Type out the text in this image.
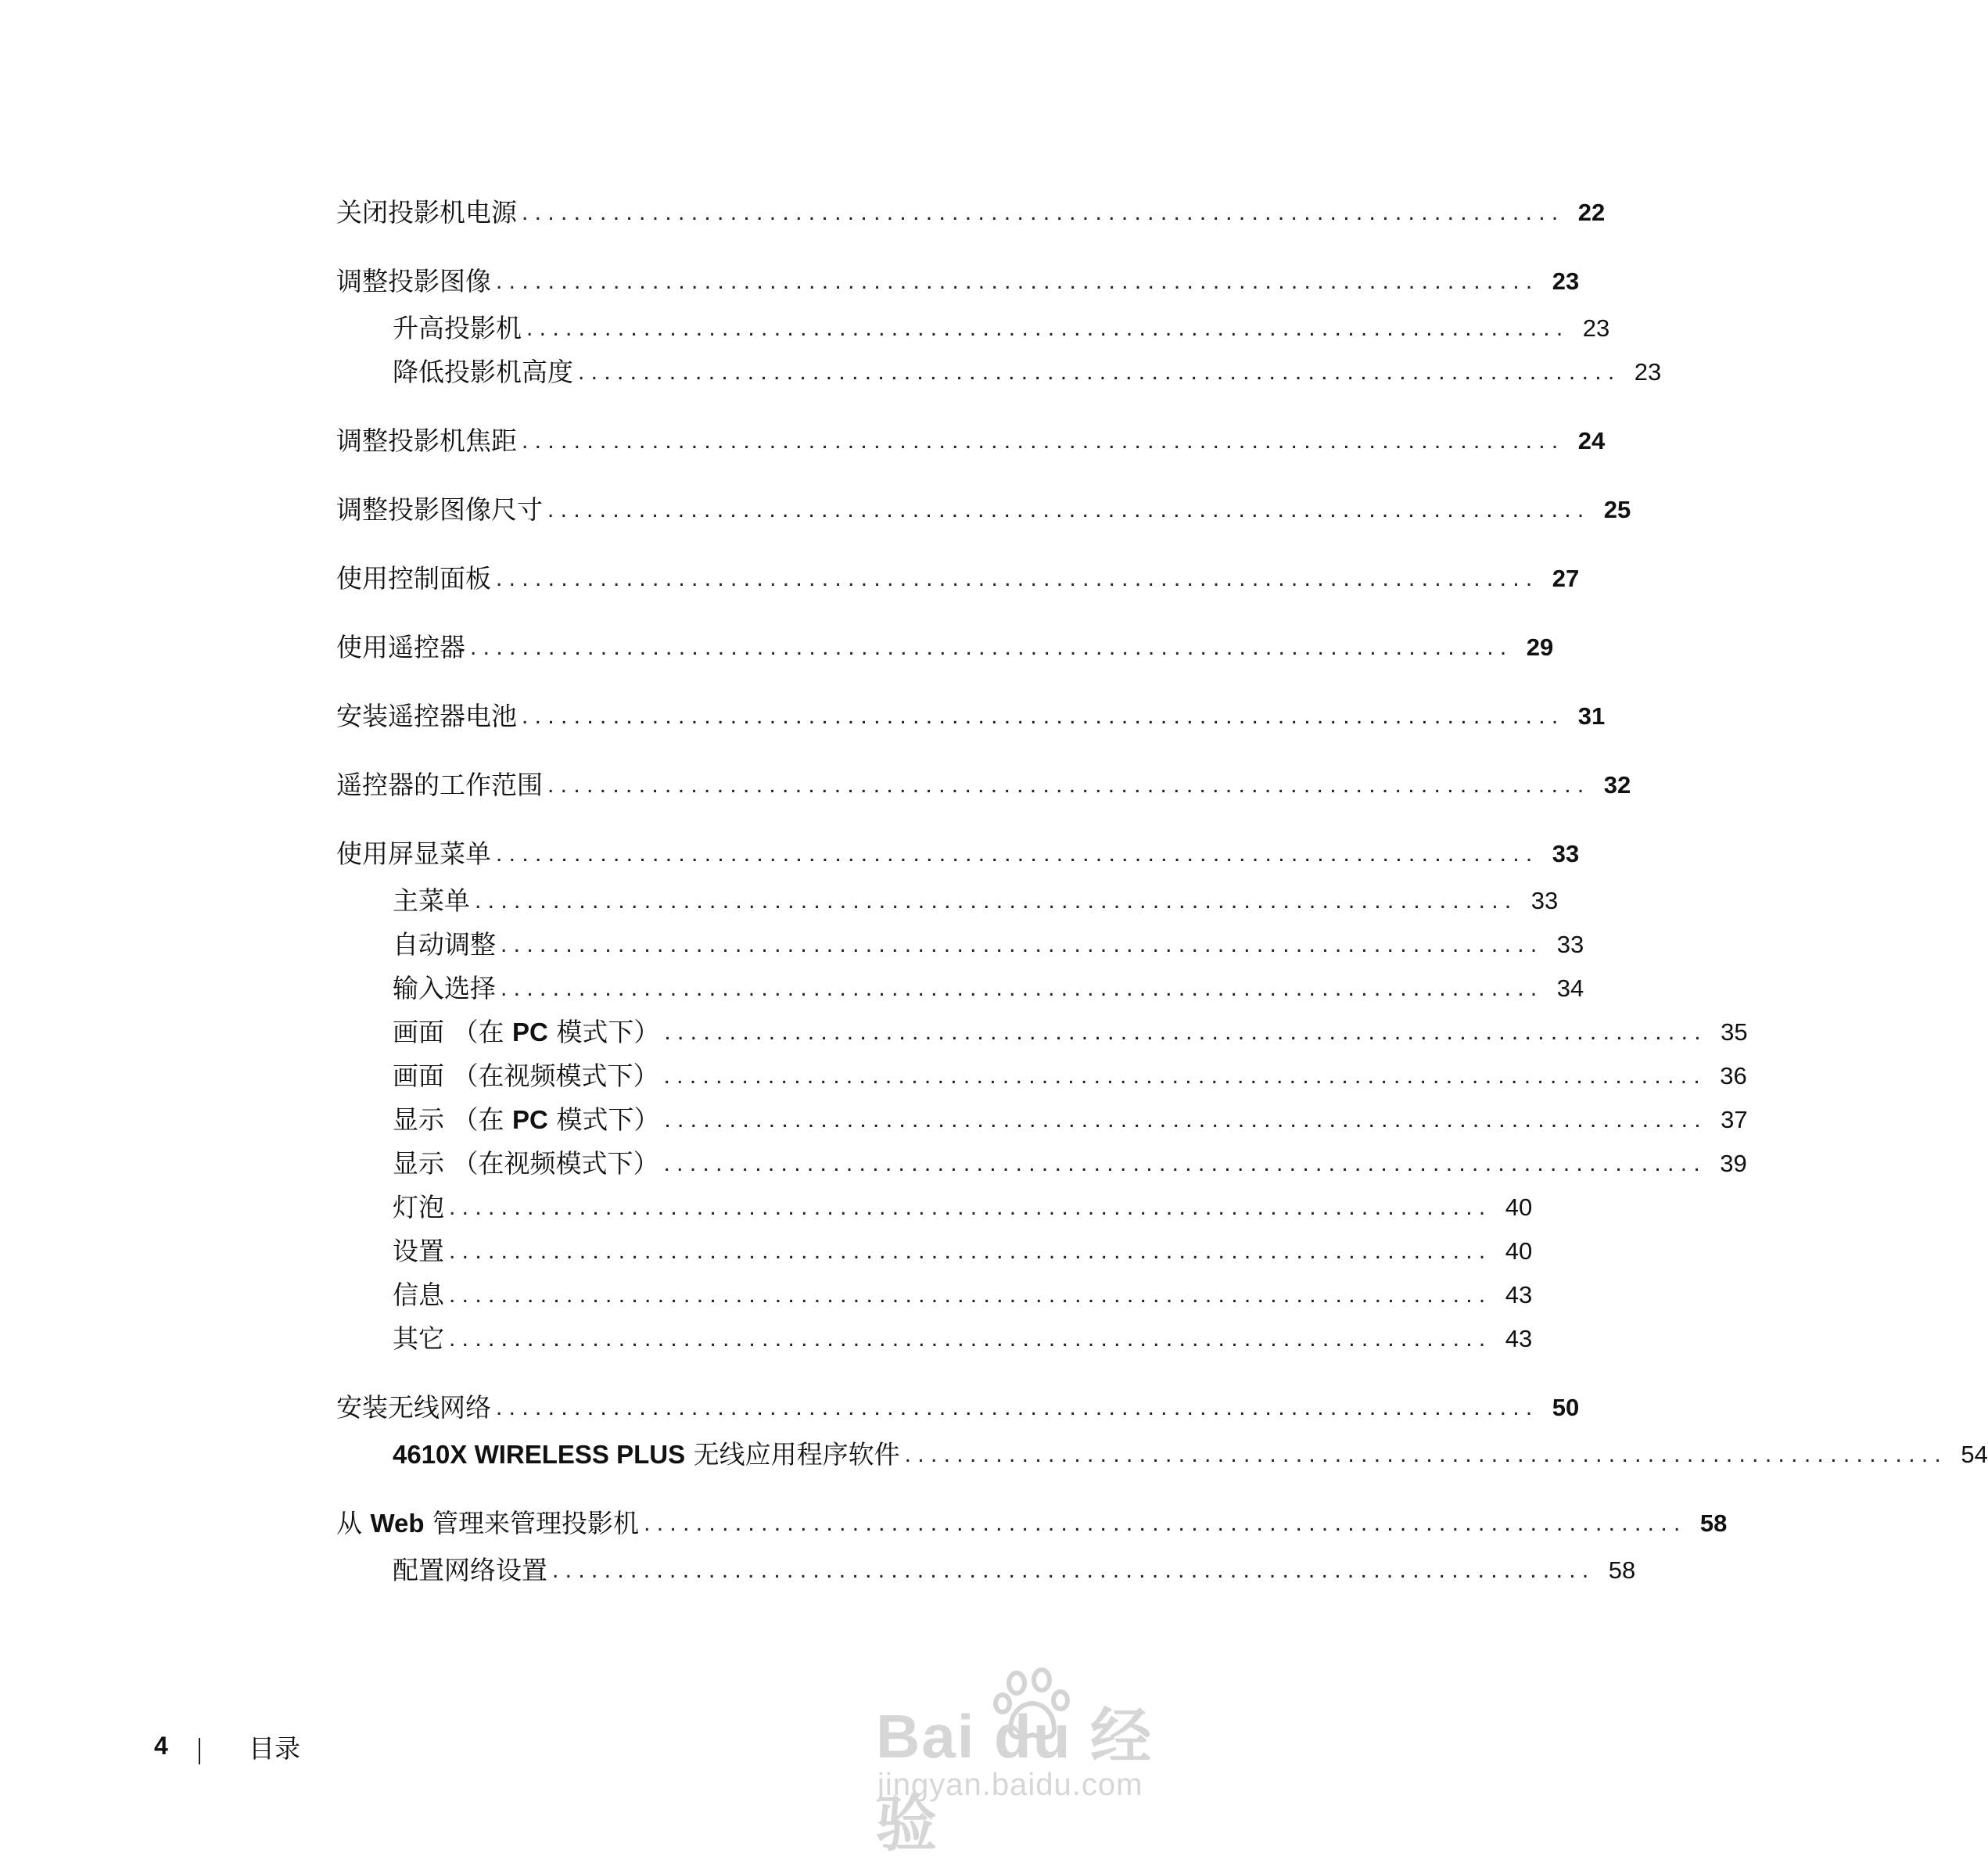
关闭投影机电源 . . . . . . . . . . . . . . . . . . . . . . . . . . . . . . . . . . . . . . . . . . . . . . . . . . . . . . . . . . . . . . . . . . . . . . . . . . . . . . . . 22
调整投影图像 . . . . . . . . . . . . . . . . . . . . . . . . . . . . . . . . . . . . . . . . . . . . . . . . . . . . . . . . . . . . . . . . . . . . . . . . . . . . . . . . 23
升高投影机 . . . . . . . . . . . . . . . . . . . . . . . . . . . . . . . . . . . . . . . . . . . . . . . . . . . . . . . . . . . . . . . . . . . . . . . . . . . . . . . . 23
降低投影机高度 . . . . . . . . . . . . . . . . . . . . . . . . . . . . . . . . . . . . . . . . . . . . . . . . . . . . . . . . . . . . . . . . . . . . . . . . . . . . . . . . 23
调整投影机焦距 . . . . . . . . . . . . . . . . . . . . . . . . . . . . . . . . . . . . . . . . . . . . . . . . . . . . . . . . . . . . . . . . . . . . . . . . . . . . . . . . 24
调整投影图像尺寸 . . . . . . . . . . . . . . . . . . . . . . . . . . . . . . . . . . . . . . . . . . . . . . . . . . . . . . . . . . . . . . . . . . . . . . . . . . . . . . . . 25
使用控制面板 . . . . . . . . . . . . . . . . . . . . . . . . . . . . . . . . . . . . . . . . . . . . . . . . . . . . . . . . . . . . . . . . . . . . . . . . . . . . . . . . 27
使用遥控器 . . . . . . . . . . . . . . . . . . . . . . . . . . . . . . . . . . . . . . . . . . . . . . . . . . . . . . . . . . . . . . . . . . . . . . . . . . . . . . . . 29
安装遥控器电池 . . . . . . . . . . . . . . . . . . . . . . . . . . . . . . . . . . . . . . . . . . . . . . . . . . . . . . . . . . . . . . . . . . . . . . . . . . . . . . . . 31
遥控器的工作范围 . . . . . . . . . . . . . . . . . . . . . . . . . . . . . . . . . . . . . . . . . . . . . . . . . . . . . . . . . . . . . . . . . . . . . . . . . . . . . . . . 32
使用屏显菜单 . . . . . . . . . . . . . . . . . . . . . . . . . . . . . . . . . . . . . . . . . . . . . . . . . . . . . . . . . . . . . . . . . . . . . . . . . . . . . . . . 33
主菜单 . . . . . . . . . . . . . . . . . . . . . . . . . . . . . . . . . . . . . . . . . . . . . . . . . . . . . . . . . . . . . . . . . . . . . . . . . . . . . . . . 33
自动调整 . . . . . . . . . . . . . . . . . . . . . . . . . . . . . . . . . . . . . . . . . . . . . . . . . . . . . . . . . . . . . . . . . . . . . . . . . . . . . . . . 33
输入选择 . . . . . . . . . . . . . . . . . . . . . . . . . . . . . . . . . . . . . . . . . . . . . . . . . . . . . . . . . . . . . . . . . . . . . . . . . . . . . . . . 34
画面 （在 PC 模式下） . . . . . . . . . . . . . . . . . . . . . . . . . . . . . . . . . . . . . . . . . . . . . . . . . . . . . . . . . . . . . . . . . . . . . . . . . . . . . . . . 35
画面 （在视频模式下） . . . . . . . . . . . . . . . . . . . . . . . . . . . . . . . . . . . . . . . . . . . . . . . . . . . . . . . . . . . . . . . . . . . . . . . . . . . . . . . . 36
显示 （在 PC 模式下） . . . . . . . . . . . . . . . . . . . . . . . . . . . . . . . . . . . . . . . . . . . . . . . . . . . . . . . . . . . . . . . . . . . . . . . . . . . . . . . . 37
显示 （在视频模式下） . . . . . . . . . . . . . . . . . . . . . . . . . . . . . . . . . . . . . . . . . . . . . . . . . . . . . . . . . . . . . . . . . . . . . . . . . . . . . . . . 39
灯泡 . . . . . . . . . . . . . . . . . . . . . . . . . . . . . . . . . . . . . . . . . . . . . . . . . . . . . . . . . . . . . . . . . . . . . . . . . . . . . . . . 40
设置 . . . . . . . . . . . . . . . . . . . . . . . . . . . . . . . . . . . . . . . . . . . . . . . . . . . . . . . . . . . . . . . . . . . . . . . . . . . . . . . . 40
信息 . . . . . . . . . . . . . . . . . . . . . . . . . . . . . . . . . . . . . . . . . . . . . . . . . . . . . . . . . . . . . . . . . . . . . . . . . . . . . . . . 43
其它 . . . . . . . . . . . . . . . . . . . . . . . . . . . . . . . . . . . . . . . . . . . . . . . . . . . . . . . . . . . . . . . . . . . . . . . . . . . . . . . . 43
安装无线网络 . . . . . . . . . . . . . . . . . . . . . . . . . . . . . . . . . . . . . . . . . . . . . . . . . . . . . . . . . . . . . . . . . . . . . . . . . . . . . . . . 50
4610X WIRELESS PLUS 无线应用程序软件 . . . . . . . . . . . . . . . . . . . . . . . . . . . . . . . . . . . . . . . . . . . . . . . . . . . . . . . . . . . . . . . . . . . . . . . . . . . . . . . . 54
从 Web 管理来管理投影机 . . . . . . . . . . . . . . . . . . . . . . . . . . . . . . . . . . . . . . . . . . . . . . . . . . . . . . . . . . . . . . . . . . . . . . . . . . . . . . . . 58
配置网络设置 . . . . . . . . . . . . . . . . . . . . . . . . . . . . . . . . . . . . . . . . . . . . . . . . . . . . . . . . . . . . . . . . . . . . . . . . . . . . . . . . 58
4	目录	Bai du 经验
jingyan.baidu.com
